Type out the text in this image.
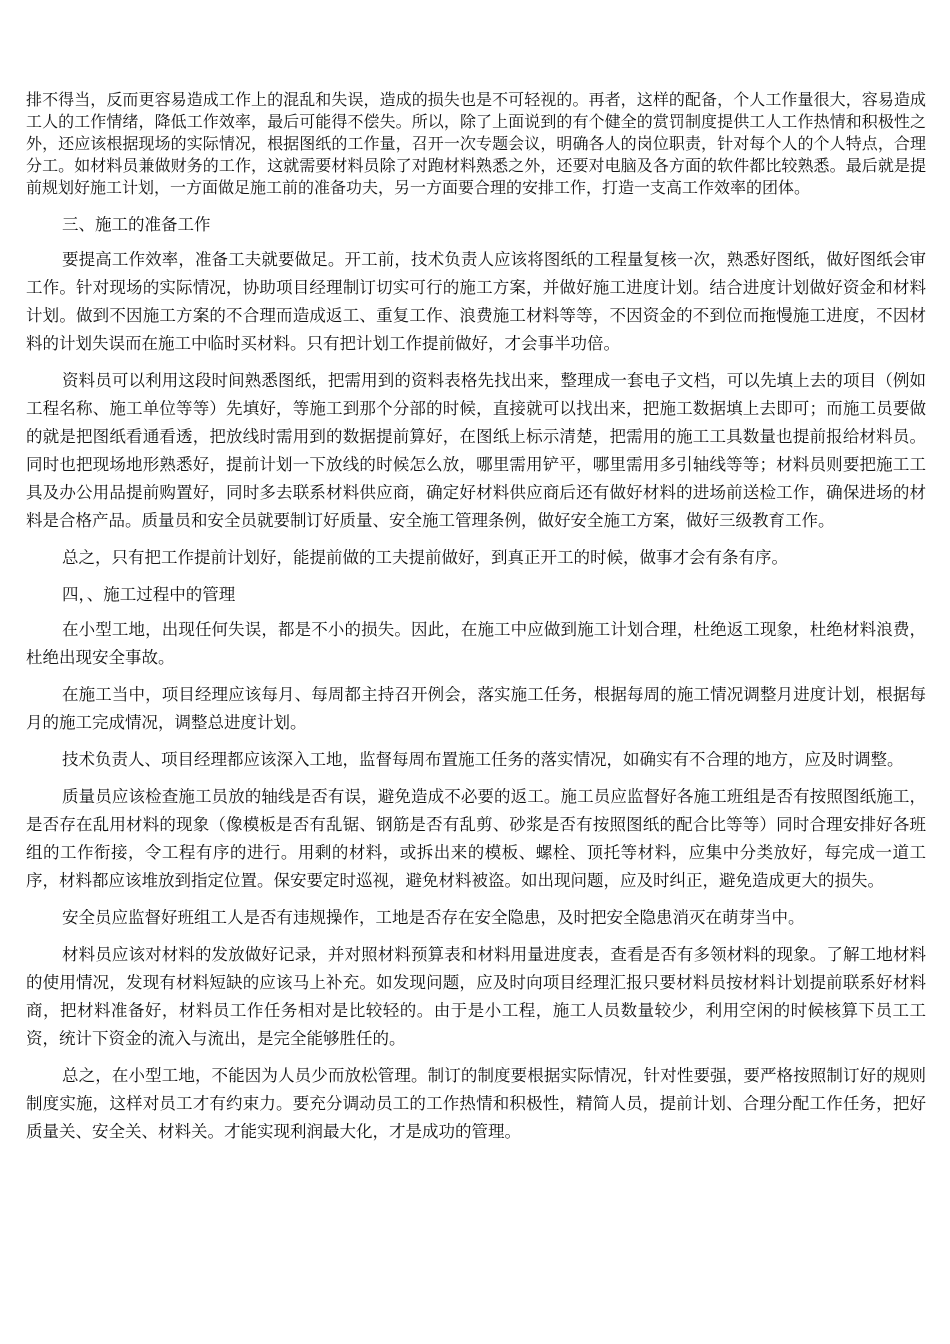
排不得当，反而更容易造成工作上的混乱和失误，造成的损失也是不可轻视的。再者，这样的配备，个人工作量很大，容易造成工人的工作情绪，降低工作效率，最后可能得不偿失。所以，除了上面说到的有个健全的赏罚制度提供工人工作热情和积极性之外，还应该根据现场的实际情况，根据图纸的工作量，召开一次专题会议，明确各人的岗位职责，针对每个人的个人特点，合理分工。如材料员兼做财务的工作，这就需要材料员除了对跑材料熟悉之外，还要对电脑及各方面的软件都比较熟悉。最后就是提前规划好施工计划，一方面做足施工前的准备功夫，另一方面要合理的安排工作，打造一支高工作效率的团体。

三、施工的准备工作

要提高工作效率，准备工夫就要做足。开工前，技术负责人应该将图纸的工程量复核一次，熟悉好图纸，做好图纸会审工作。针对现场的实际情况，协助项目经理制订切实可行的施工方案，并做好施工进度计划。结合进度计划做好资金和材料计划。做到不因施工方案的不合理而造成返工、重复工作、浪费施工材料等等，不因资金的不到位而拖慢施工进度，不因材料的计划失误而在施工中临时买材料。只有把计划工作提前做好，才会事半功倍。

资料员可以利用这段时间熟悉图纸，把需用到的资料表格先找出来，整理成一套电子文档，可以先填上去的项目（例如工程名称、施工单位等等）先填好，等施工到那个分部的时候，直接就可以找出来，把施工数据填上去即可；而施工员要做的就是把图纸看通看透，把放线时需用到的数据提前算好，在图纸上标示清楚，把需用的施工工具数量也提前报给材料员。同时也把现场地形熟悉好，提前计划一下放线的时候怎么放，哪里需用铲平，哪里需用多引轴线等等；材料员则要把施工工具及办公用品提前购置好，同时多去联系材料供应商，确定好材料供应商后还有做好材料的进场前送检工作，确保进场的材料是合格产品。质量员和安全员就要制订好质量、安全施工管理条例，做好安全施工方案，做好三级教育工作。

总之，只有把工作提前计划好，能提前做的工夫提前做好，到真正开工的时候，做事才会有条有序。

四，、施工过程中的管理

在小型工地，出现任何失误，都是不小的损失。因此，在施工中应做到施工计划合理，杜绝返工现象，杜绝材料浪费，杜绝出现安全事故。

在施工当中，项目经理应该每月、每周都主持召开例会，落实施工任务，根据每周的施工情况调整月进度计划，根据每月的施工完成情况，调整总进度计划。

技术负责人、项目经理都应该深入工地，监督每周布置施工任务的落实情况，如确实有不合理的地方，应及时调整。

质量员应该检查施工员放的轴线是否有误，避免造成不必要的返工。施工员应监督好各施工班组是否有按照图纸施工，是否存在乱用材料的现象（像模板是否有乱锯、钢筋是否有乱剪、砂浆是否有按照图纸的配合比等等）同时合理安排好各班组的工作衔接，令工程有序的进行。用剩的材料，或拆出来的模板、螺栓、顶托等材料，应集中分类放好，每完成一道工序，材料都应该堆放到指定位置。保安要定时巡视，避免材料被盗。如出现问题，应及时纠正，避免造成更大的损失。

安全员应监督好班组工人是否有违规操作，工地是否存在安全隐患，及时把安全隐患消灭在萌芽当中。

材料员应该对材料的发放做好记录，并对照材料预算表和材料用量进度表，查看是否有多领材料的现象。了解工地材料的使用情况，发现有材料短缺的应该马上补充。如发现问题，应及时向项目经理汇报只要材料员按材料计划提前联系好材料商，把材料准备好，材料员工作任务相对是比较轻的。由于是小工程，施工人员数量较少，利用空闲的时候核算下员工工资，统计下资金的流入与流出，是完全能够胜任的。

总之，在小型工地，不能因为人员少而放松管理。制订的制度要根据实际情况，针对性要强，要严格按照制订好的规则制度实施，这样对员工才有约束力。要充分调动员工的工作热情和积极性，精简人员，提前计划、合理分配工作任务，把好质量关、安全关、材料关。才能实现利润最大化，才是成功的管理。
